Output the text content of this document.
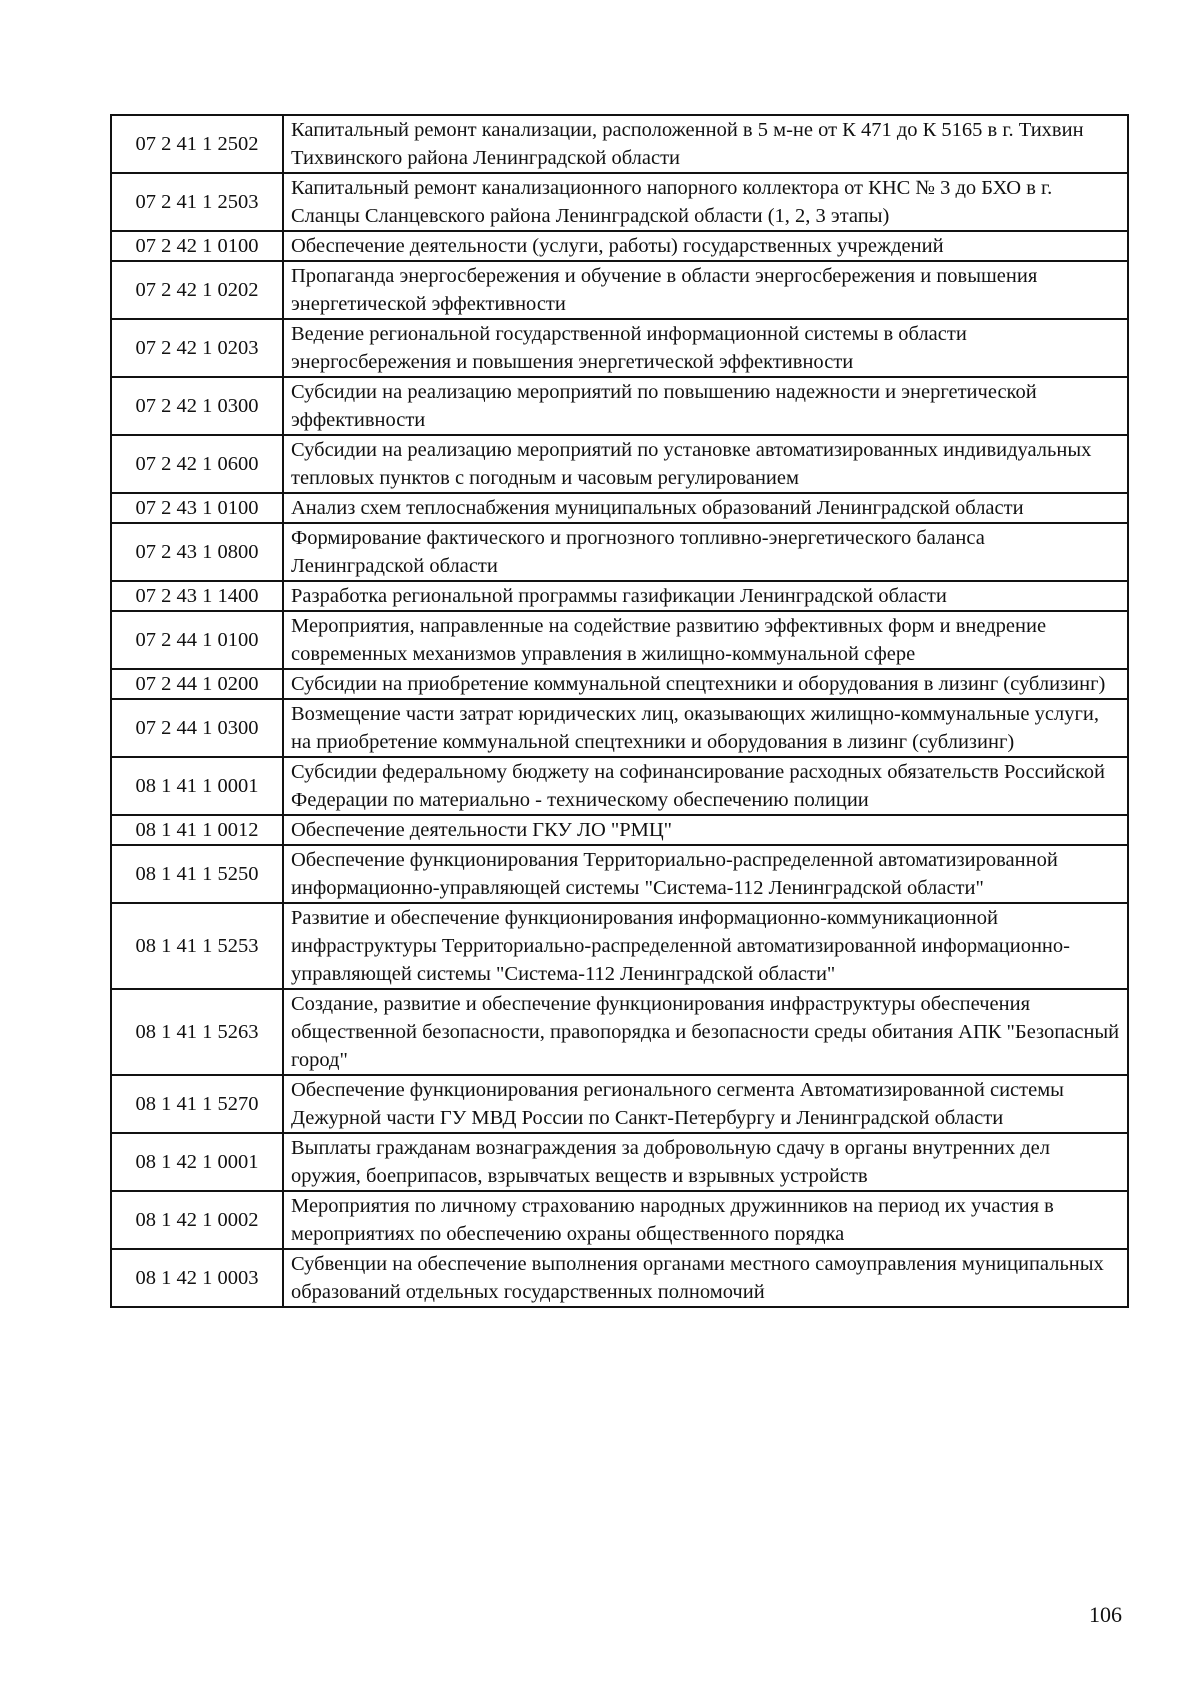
07 2 41 1 2502	Капитальный ремонт канализации, расположенной в 5 м-не от К 471 до К 5165 в г. Тихвин Тихвинского района Ленинградской области
07 2 41 1 2503	Капитальный ремонт канализационного напорного коллектора от КНС № 3 до БХО в г. Сланцы Сланцевского района Ленинградской области (1, 2, 3 этапы)
07 2 42 1 0100	Обеспечение деятельности (услуги, работы) государственных учреждений
07 2 42 1 0202	Пропаганда энергосбережения и обучение в области энергосбережения и повышения энергетической эффективности
07 2 42 1 0203	Ведение региональной государственной информационной системы в области энергосбережения и повышения энергетической эффективности
07 2 42 1 0300	Субсидии на реализацию мероприятий по повышению надежности и энергетической эффективности
07 2 42 1 0600	Субсидии на реализацию мероприятий по установке автоматизированных индивидуальных тепловых пунктов с погодным и часовым регулированием
07 2 43 1 0100	Анализ схем теплоснабжения муниципальных образований Ленинградской области
07 2 43 1 0800	Формирование фактического и прогнозного топливно-энергетического баланса Ленинградской области
07 2 43 1 1400	Разработка региональной программы газификации Ленинградской области
07 2 44 1 0100	Мероприятия, направленные на содействие развитию эффективных форм и внедрение современных механизмов управления в жилищно-коммунальной сфере
07 2 44 1 0200	Субсидии на приобретение коммунальной спецтехники и оборудования в лизинг (сублизинг)
07 2 44 1 0300	Возмещение части затрат юридических лиц, оказывающих жилищно-коммунальные услуги, на приобретение коммунальной спецтехники и оборудования в лизинг (сублизинг)
08 1 41 1 0001	Субсидии федеральному бюджету на софинансирование расходных обязательств Российской Федерации по материально - техническому обеспечению полиции
08 1 41 1 0012	Обеспечение деятельности ГКУ ЛО "РМЦ"
08 1 41 1 5250	Обеспечение функционирования Территориально-распределенной автоматизированной информационно-управляющей системы "Система-112 Ленинградской области"
08 1 41 1 5253	Развитие и обеспечение функционирования информационно-коммуникационной инфраструктуры Территориально-распределенной автоматизированной информационно-управляющей системы "Система-112 Ленинградской области"
08 1 41 1 5263	Создание, развитие и обеспечение функционирования инфраструктуры обеспечения общественной безопасности, правопорядка и безопасности среды обитания АПК "Безопасный город"
08 1 41 1 5270	Обеспечение функционирования регионального сегмента Автоматизированной системы Дежурной части ГУ МВД России по Санкт-Петербургу и Ленинградской области
08 1 42 1 0001	Выплаты гражданам вознаграждения за добровольную сдачу в органы внутренних дел оружия, боеприпасов, взрывчатых веществ и взрывных устройств
08 1 42 1 0002	Мероприятия по личному страхованию народных дружинников на период их участия в мероприятиях по обеспечению охраны общественного порядка
08 1 42 1 0003	Субвенции на обеспечение выполнения органами местного самоуправления муниципальных образований отдельных государственных полномочий
106
